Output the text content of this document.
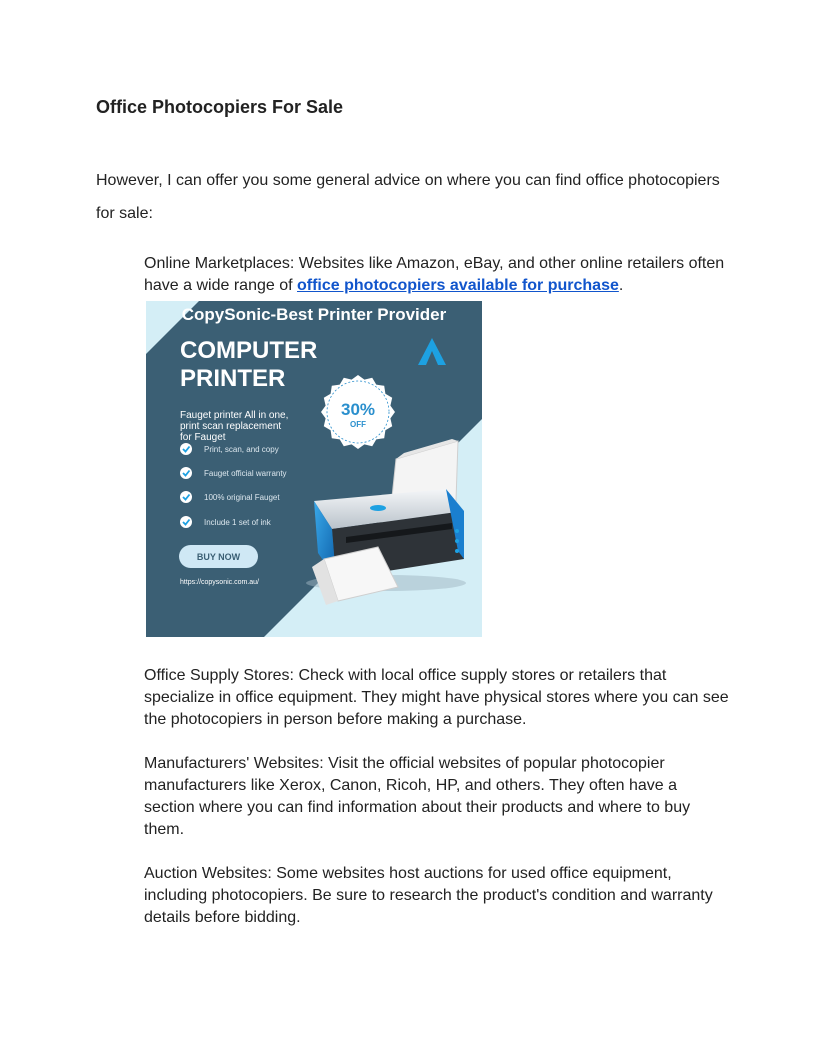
Office Photocopiers For Sale

However, I can offer you some general advice on where you can find office photocopiers for sale:

Online Marketplaces: Websites like Amazon, eBay, and other online retailers often have a wide range of office photocopiers available for purchase.

CopySonic-Best Printer Provider
COMPUTER
PRINTER
Fauget printer All in one,
print scan replacement
for Fauget
Print, scan, and copy
Fauget official warranty
100% original Fauget
Include 1 set of ink
BUY NOW
https://copysonic.com.au/
30%
OFF

Office Supply Stores: Check with local office supply stores or retailers that specialize in office equipment. They might have physical stores where you can see the photocopiers in person before making a purchase.

Manufacturers' Websites: Visit the official websites of popular photocopier manufacturers like Xerox, Canon, Ricoh, HP, and others. They often have a section where you can find information about their products and where to buy them.

Auction Websites: Some websites host auctions for used office equipment, including photocopiers. Be sure to research the product's condition and warranty details before bidding.
